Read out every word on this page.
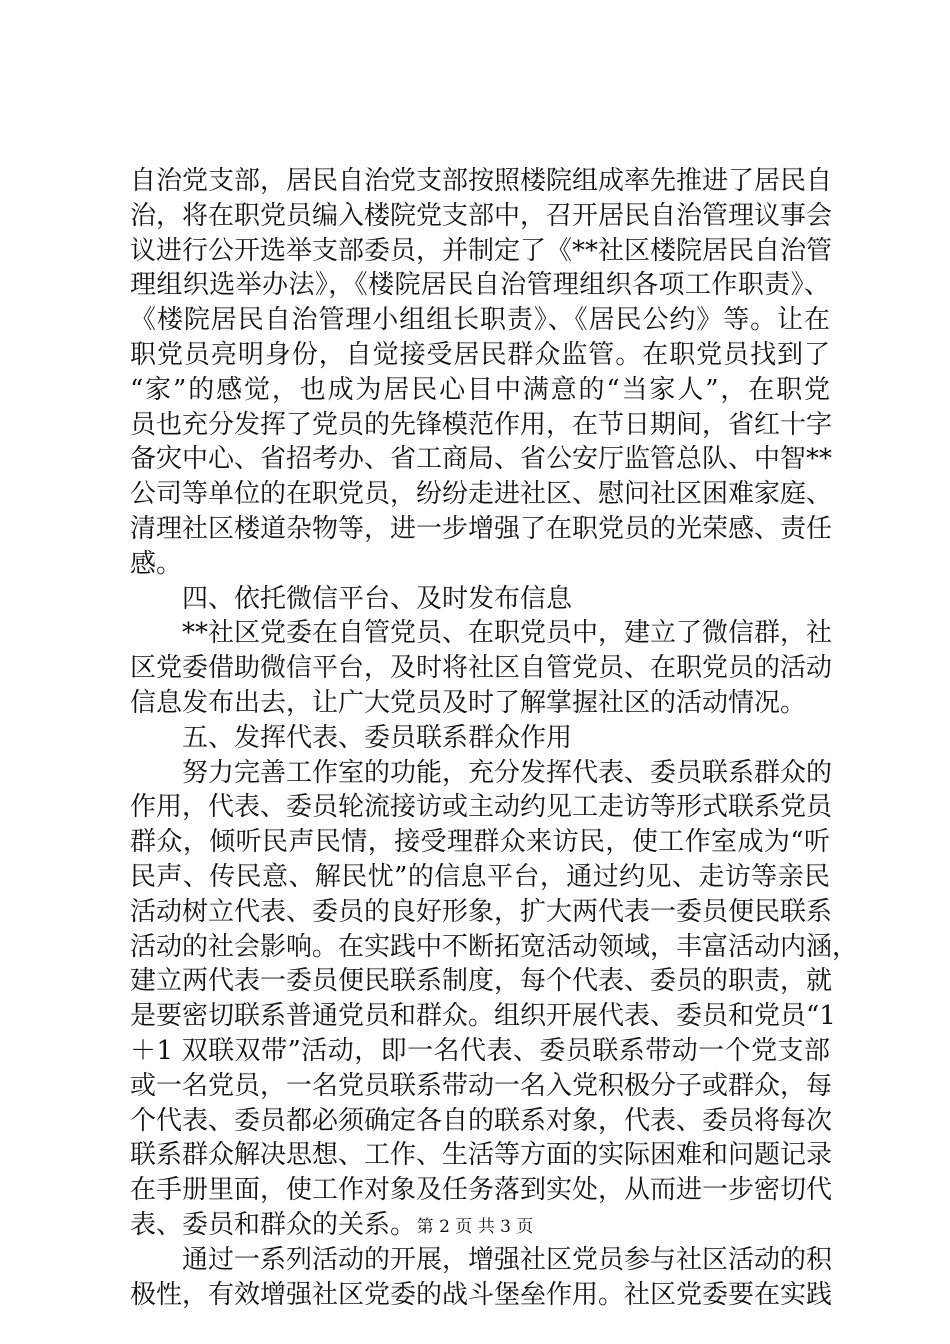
自治党支部，居民自治党支部按照楼院组成率先推进了居民自
治，将在职党员编入楼院党支部中，召开居民自治管理议事会
议进行公开选举支部委员，并制定了《**社区楼院居民自治管
理组织选举办法》，《楼院居民自治管理组织各项工作职责》、
《楼院居民自治管理小组组长职责》、《居民公约》等。让在
职党员亮明身份，自觉接受居民群众监管。在职党员找到了
“家”的感觉，也成为居民心目中满意的“当家人”，在职党
员也充分发挥了党员的先锋模范作用，在节日期间，省红十字
备灾中心、省招考办、省工商局、省公安厅监管总队、中智**
公司等单位的在职党员，纷纷走进社区、慰问社区困难家庭、
清理社区楼道杂物等，进一步增强了在职党员的光荣感、责任
感。
　　四、依托微信平台、及时发布信息
　　**社区党委在自管党员、在职党员中，建立了微信群，社
区党委借助微信平台，及时将社区自管党员、在职党员的活动
信息发布出去，让广大党员及时了解掌握社区的活动情况。
　　五、发挥代表、委员联系群众作用
　　努力完善工作室的功能，充分发挥代表、委员联系群众的
作用，代表、委员轮流接访或主动约见工走访等形式联系党员
群众，倾听民声民情，接受理群众来访民，使工作室成为“听
民声、传民意、解民忧”的信息平台，通过约见、走访等亲民
活动树立代表、委员的良好形象，扩大两代表一委员便民联系
活动的社会影响。在实践中不断拓宽活动领域，丰富活动内涵，
建立两代表一委员便民联系制度，每个代表、委员的职责，就
是要密切联系普通党员和群众。组织开展代表、委员和党员“1
＋1 双联双带”活动，即一名代表、委员联系带动一个党支部
或一名党员，一名党员联系带动一名入党积极分子或群众，每
个代表、委员都必须确定各自的联系对象，代表、委员将每次
联系群众解决思想、工作、生活等方面的实际困难和问题记录
在手册里面，使工作对象及任务落到实处，从而进一步密切代
表、委员和群众的关系。
　　通过一系列活动的开展，增强社区党员参与社区活动的积
极性，有效增强社区党委的战斗堡垒作用。社区党委要在实践
第 2 页 共 3 页
